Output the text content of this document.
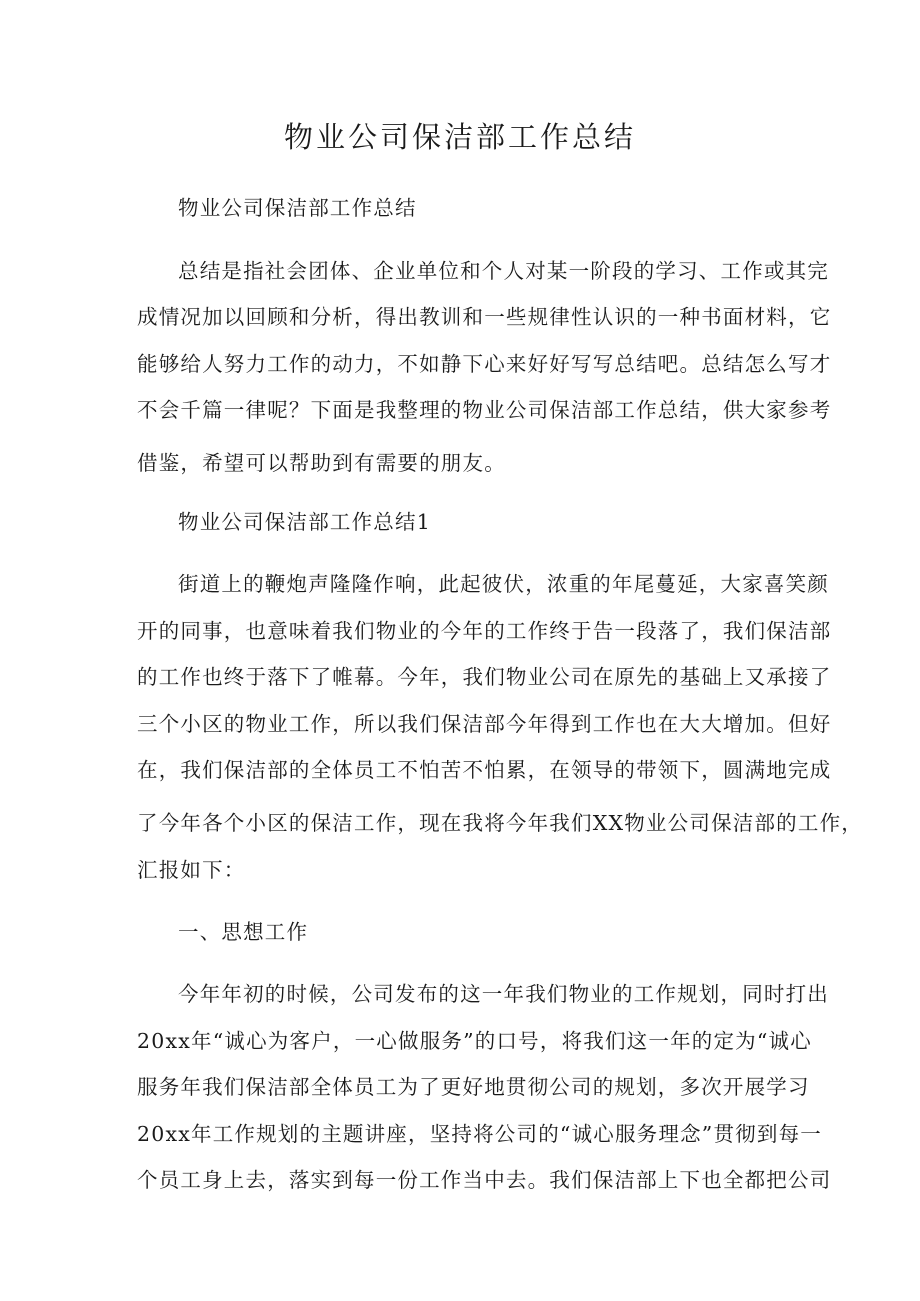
物业公司保洁部工作总结

物业公司保洁部工作总结

总结是指社会团体、企业单位和个人对某一阶段的学习、工作或其完

成情况加以回顾和分析，得出教训和一些规律性认识的一种书面材料，它

能够给人努力工作的动力，不如静下心来好好写写总结吧。总结怎么写才

不会千篇一律呢？下面是我整理的物业公司保洁部工作总结，供大家参考

借鉴，希望可以帮助到有需要的朋友。

物业公司保洁部工作总结1

街道上的鞭炮声隆隆作响，此起彼伏，浓重的年尾蔓延，大家喜笑颜

开的同事，也意味着我们物业的今年的工作终于告一段落了，我们保洁部

的工作也终于落下了帷幕。今年，我们物业公司在原先的基础上又承接了

三个小区的物业工作，所以我们保洁部今年得到工作也在大大增加。但好

在，我们保洁部的全体员工不怕苦不怕累，在领导的带领下，圆满地完成

了今年各个小区的保洁工作，现在我将今年我们XX物业公司保洁部的工作，

汇报如下：

一、思想工作

今年年初的时候，公司发布的这一年我们物业的工作规划，同时打出

20xx年“诚心为客户，一心做服务”的口号，将我们这一年的定为“诚心

服务年我们保洁部全体员工为了更好地贯彻公司的规划，多次开展学习

20xx年工作规划的主题讲座，坚持将公司的“诚心服务理念”贯彻到每一

个员工身上去，落实到每一份工作当中去。我们保洁部上下也全都把公司
